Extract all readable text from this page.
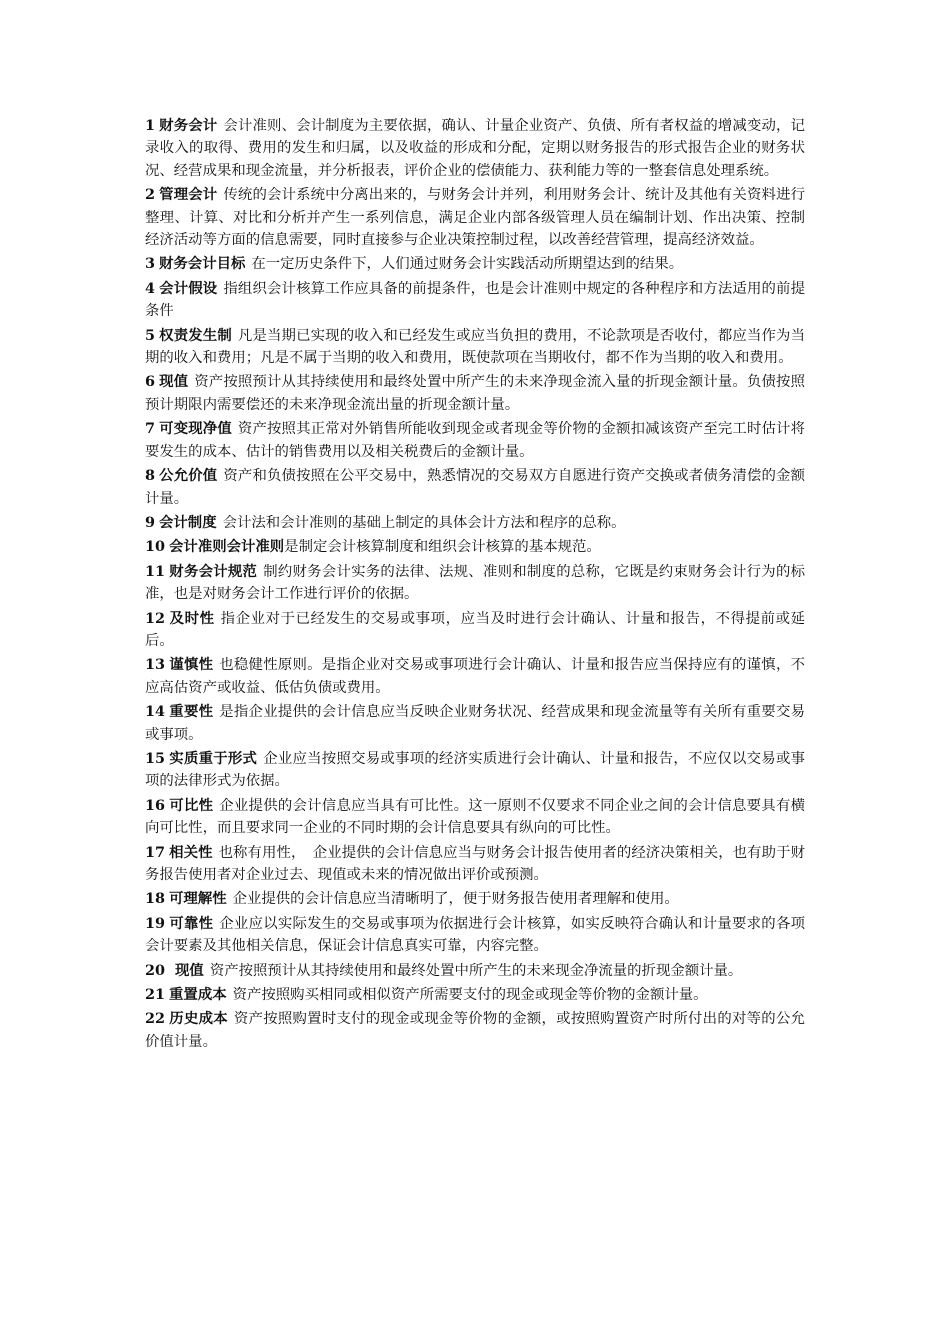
1 财务会计 会计准则、会计制度为主要依据，确认、计量企业资产、负债、所有者权益的增减变动，记录收入的取得、费用的发生和归属，以及收益的形成和分配，定期以财务报告的形式报告企业的财务状况、经营成果和现金流量，并分析报表，评价企业的偿债能力、获利能力等的一整套信息处理系统。

2 管理会计 传统的会计系统中分离出来的，与财务会计并列，利用财务会计、统计及其他有关资料进行整理、计算、对比和分析并产生一系列信息，满足企业内部各级管理人员在编制计划、作出决策、控制经济活动等方面的信息需要，同时直接参与企业决策控制过程，以改善经营管理，提高经济效益。

3 财务会计目标 在一定历史条件下，人们通过财务会计实践活动所期望达到的结果。

4 会计假设 指组织会计核算工作应具备的前提条件，也是会计准则中规定的各种程序和方法适用的前提条件

5 权责发生制 凡是当期已实现的收入和已经发生或应当负担的费用，不论款项是否收付，都应当作为当期的收入和费用；凡是不属于当期的收入和费用，既使款项在当期收付，都不作为当期的收入和费用。

6 现值 资产按照预计从其持续使用和最终处置中所产生的未来净现金流入量的折现金额计量。负债按照预计期限内需要偿还的未来净现金流出量的折现金额计量。

7 可变现净值 资产按照其正常对外销售所能收到现金或者现金等价物的金额扣减该资产至完工时估计将要发生的成本、估计的销售费用以及相关税费后的金额计量。

8 公允价值 资产和负债按照在公平交易中，熟悉情况的交易双方自愿进行资产交换或者债务清偿的金额计量。

9 会计制度 会计法和会计准则的基础上制定的具体会计方法和程序的总称。

10 会计准则会计准则是制定会计核算制度和组织会计核算的基本规范。

11 财务会计规范 制约财务会计实务的法律、法规、准则和制度的总称，它既是约束财务会计行为的标准，也是对财务会计工作进行评价的依据。

12 及时性 指企业对于已经发生的交易或事项，应当及时进行会计确认、计量和报告，不得提前或延后。

13 谨慎性 也稳健性原则。是指企业对交易或事项进行会计确认、计量和报告应当保持应有的谨慎，不应高估资产或收益、低估负债或费用。

14 重要性 是指企业提供的会计信息应当反映企业财务状况、经营成果和现金流量等有关所有重要交易或事项。

15 实质重于形式 企业应当按照交易或事项的经济实质进行会计确认、计量和报告，不应仅以交易或事项的法律形式为依据。

16 可比性 企业提供的会计信息应当具有可比性。这一原则不仅要求不同企业之间的会计信息要具有横向可比性，而且要求同一企业的不同时期的会计信息要具有纵向的可比性。

17 相关性 也称有用性，　企业提供的会计信息应当与财务会计报告使用者的经济决策相关，也有助于财务报告使用者对企业过去、现值或未来的情况做出评价或预测。

18 可理解性 企业提供的会计信息应当清晰明了，便于财务报告使用者理解和使用。

19 可靠性 企业应以实际发生的交易或事项为依据进行会计核算，如实反映符合确认和计量要求的各项会计要素及其他相关信息，保证会计信息真实可靠，内容完整。

20 现值 资产按照预计从其持续使用和最终处置中所产生的未来现金净流量的折现金额计量。

21 重置成本 资产按照购买相同或相似资产所需要支付的现金或现金等价物的金额计量。

22 历史成本 资产按照购置时支付的现金或现金等价物的金额，或按照购置资产时所付出的对等的公允价值计量。
